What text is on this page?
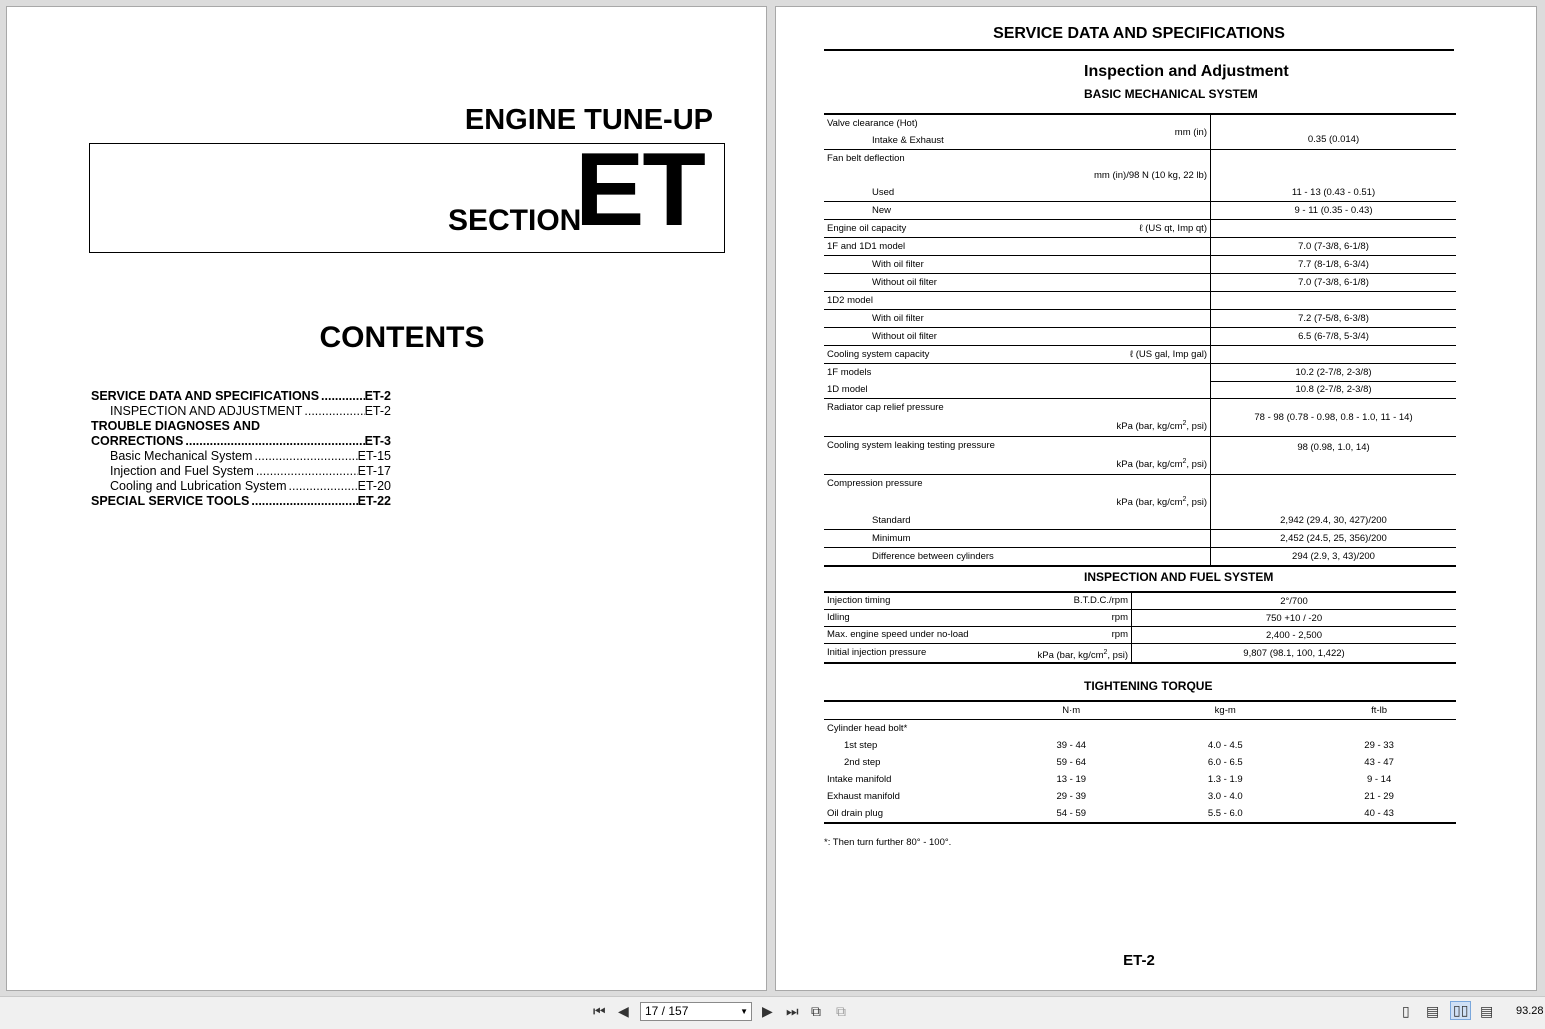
ENGINE TUNE-UP
SECTION
ET
CONTENTS
SERVICE DATA AND SPECIFICATIONS .....	ET-2
INSPECTION AND ADJUSTMENT .....	ET-2
TROUBLE DIAGNOSES AND
CORRECTIONS .....	ET-3
Basic Mechanical System .....	ET-15
Injection and Fuel System .....	ET-17
Cooling and Lubrication System .....	ET-20
SPECIAL SERVICE TOOLS .....	ET-22
SERVICE DATA AND SPECIFICATIONS
Inspection and Adjustment
BASIC MECHANICAL SYSTEM
Valve clearance (Hot)
Intake & Exhaust
mm (in)	0.35 (0.014)

Fan belt deflection
mm (in)/98 N (10 kg, 22 lb)	

Used	11 - 13 (0.43 - 0.51)
New	9 - 11 (0.35 - 0.43)

Engine oil capacity ℓ (US qt, Imp qt)	

1F and 1D1 model	7.0 (7-3/8, 6-1/8)
With oil filter	7.7 (8-1/8, 6-3/4)
Without oil filter	7.0 (7-3/8, 6-1/8)
1D2 model	
With oil filter	7.2 (7-5/8, 6-3/8)
Without oil filter	6.5 (6-7/8, 5-3/4)

Cooling system capacity ℓ (US gal, Imp gal)	

1F models	10.2 (2-7/8, 2-3/8)
1D model	10.8 (2-7/8, 2-3/8)

Radiator cap relief pressure
kPa (bar, $kg/cm^2$, psi)	78 - 98 (0.78 - 0.98, 0.8 - 1.0, 11 - 14)

Cooling system leaking testing pressure
kPa (bar, $kg/cm^2$, psi)	98 (0.98, 1.0, 14)

Compression pressure
kPa (bar, $kg/cm^2$, psi)	

Standard	2,942 (29.4, 30, 427)/200
Minimum	2,452 (24.5, 25, 356)/200
Difference between cylinders	294 (2.9, 3, 43)/200
INSPECTION AND FUEL SYSTEM
Injection timing B.T.D.C./rpm	2°/700

Idling rpm	750 +10 / -20

Max. engine speed under no-load rpm	2,400 - 2,500

Initial injection pressure kPa (bar, $kg/cm^2$, psi)	9,807 (98.1, 100, 1,422)
TIGHTENING TORQUE
	N·m	kg-m	ft-lb
Cylinder head bolt*			
1st step	39 - 44	4.0 - 4.5	29 - 33
2nd step	59 - 64	6.0 - 6.5	43 - 47
Intake manifold	13 - 19	1.3 - 1.9	9 - 14
Exhaust manifold	29 - 39	3.0 - 4.0	21 - 29
Oil drain plug	54 - 59	5.5 - 6.0	40 - 43
*: Then turn further 80° - 100°.
ET-2
⏮ ◀	17 / 157	▼ ▶ ⏭ ⧉ ⧉	▯ ▤ ▯▯ ▤ 93.28
